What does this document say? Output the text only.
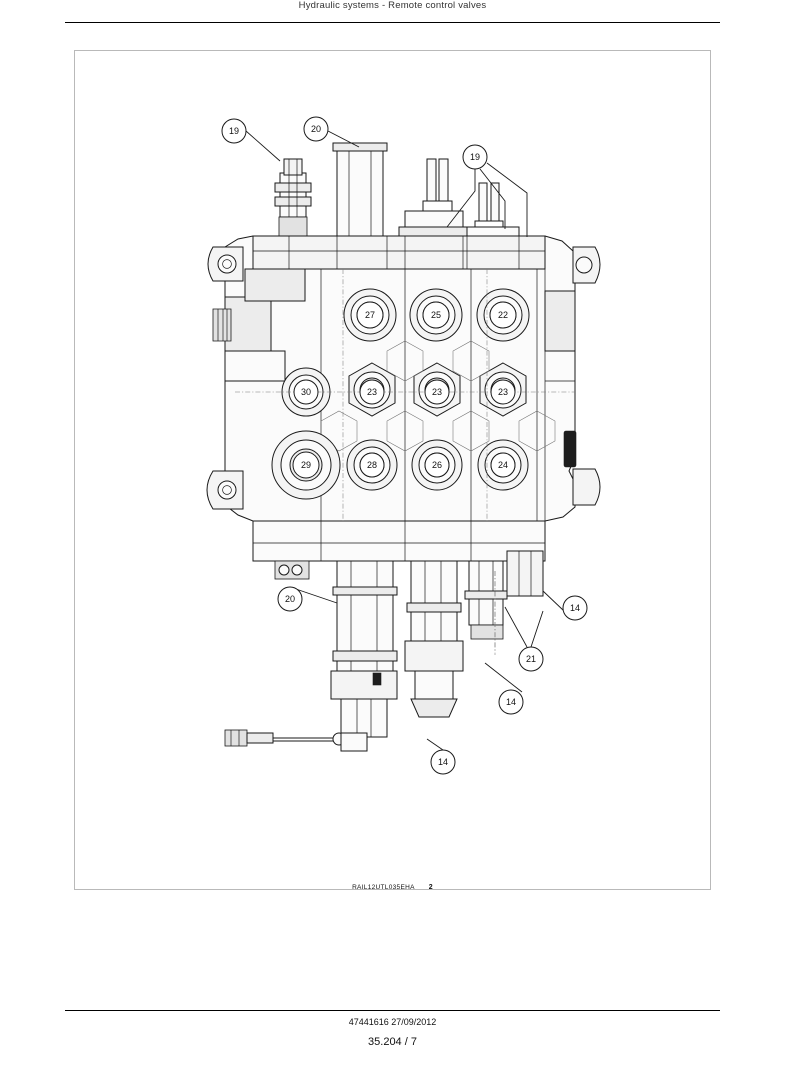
Hydraulic systems - Remote control valves
19	20
19
27	25	22
30	23	23	23
29	28	26	24
20
14
21
14
14
RAIL12UTL035EHA 2
47441616 27/09/2012
35.204 / 7
